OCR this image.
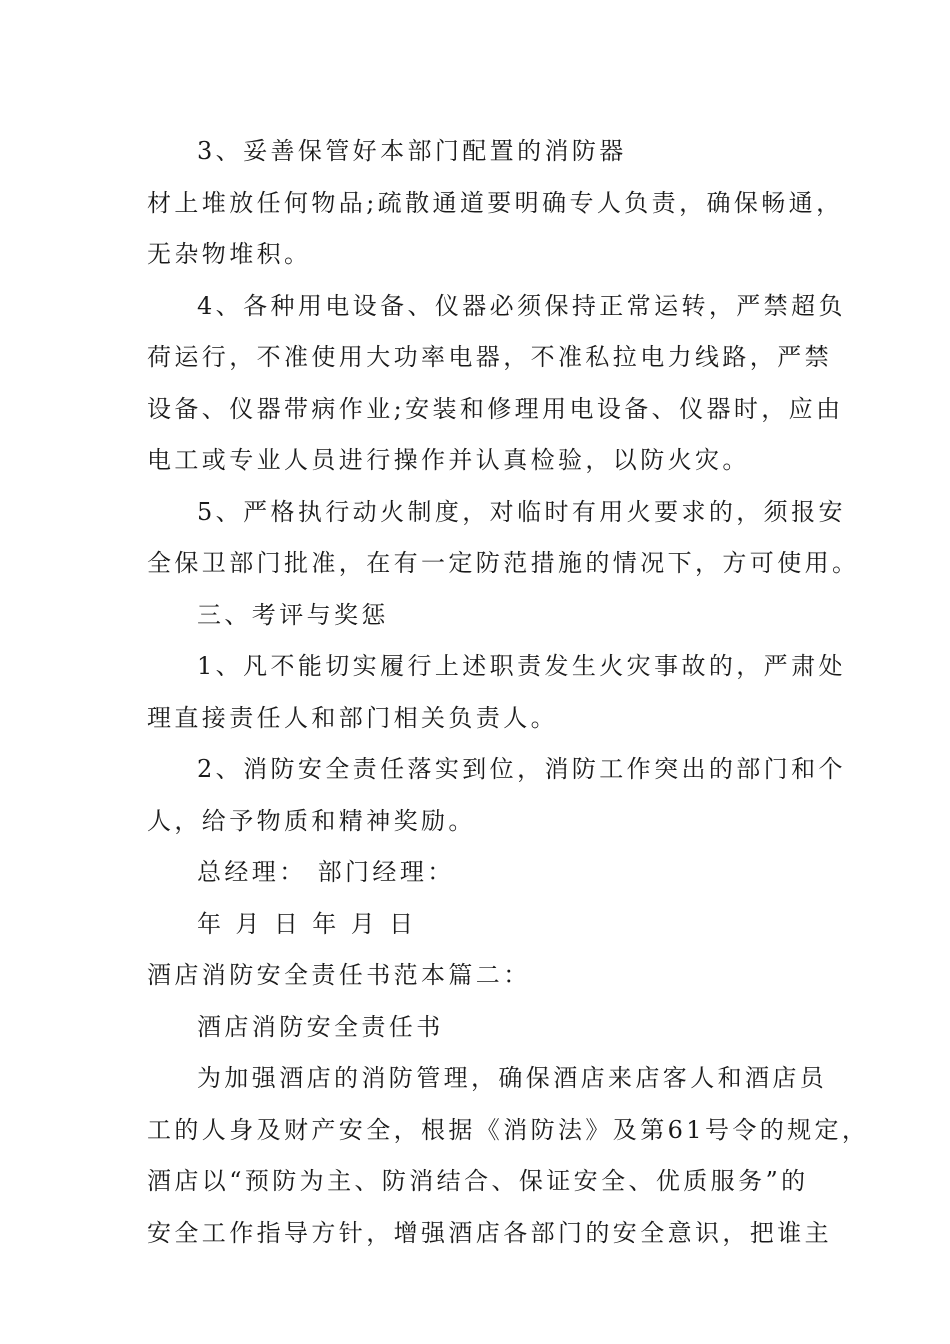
3、妥善保管好本部门配置的消防器
材上堆放任何物品;疏散通道要明确专人负责，确保畅通，
无杂物堆积。
4、各种用电设备、仪器必须保持正常运转，严禁超负
荷运行，不准使用大功率电器，不准私拉电力线路，严禁
设备、仪器带病作业;安装和修理用电设备、仪器时，应由
电工或专业人员进行操作并认真检验，以防火灾。
5、严格执行动火制度，对临时有用火要求的，须报安
全保卫部门批准，在有一定防范措施的情况下，方可使用。
三、考评与奖惩
1、凡不能切实履行上述职责发生火灾事故的，严肃处
理直接责任人和部门相关负责人。
2、消防安全责任落实到位，消防工作突出的部门和个
人，给予物质和精神奖励。
总经理： 部门经理：
年 月 日 年 月 日
酒店消防安全责任书范本篇二：
酒店消防安全责任书
为加强酒店的消防管理，确保酒店来店客人和酒店员
工的人身及财产安全，根据《消防法》及第61号令的规定，
酒店以“预防为主、防消结合、保证安全、优质服务”的
安全工作指导方针，增强酒店各部门的安全意识，把谁主
